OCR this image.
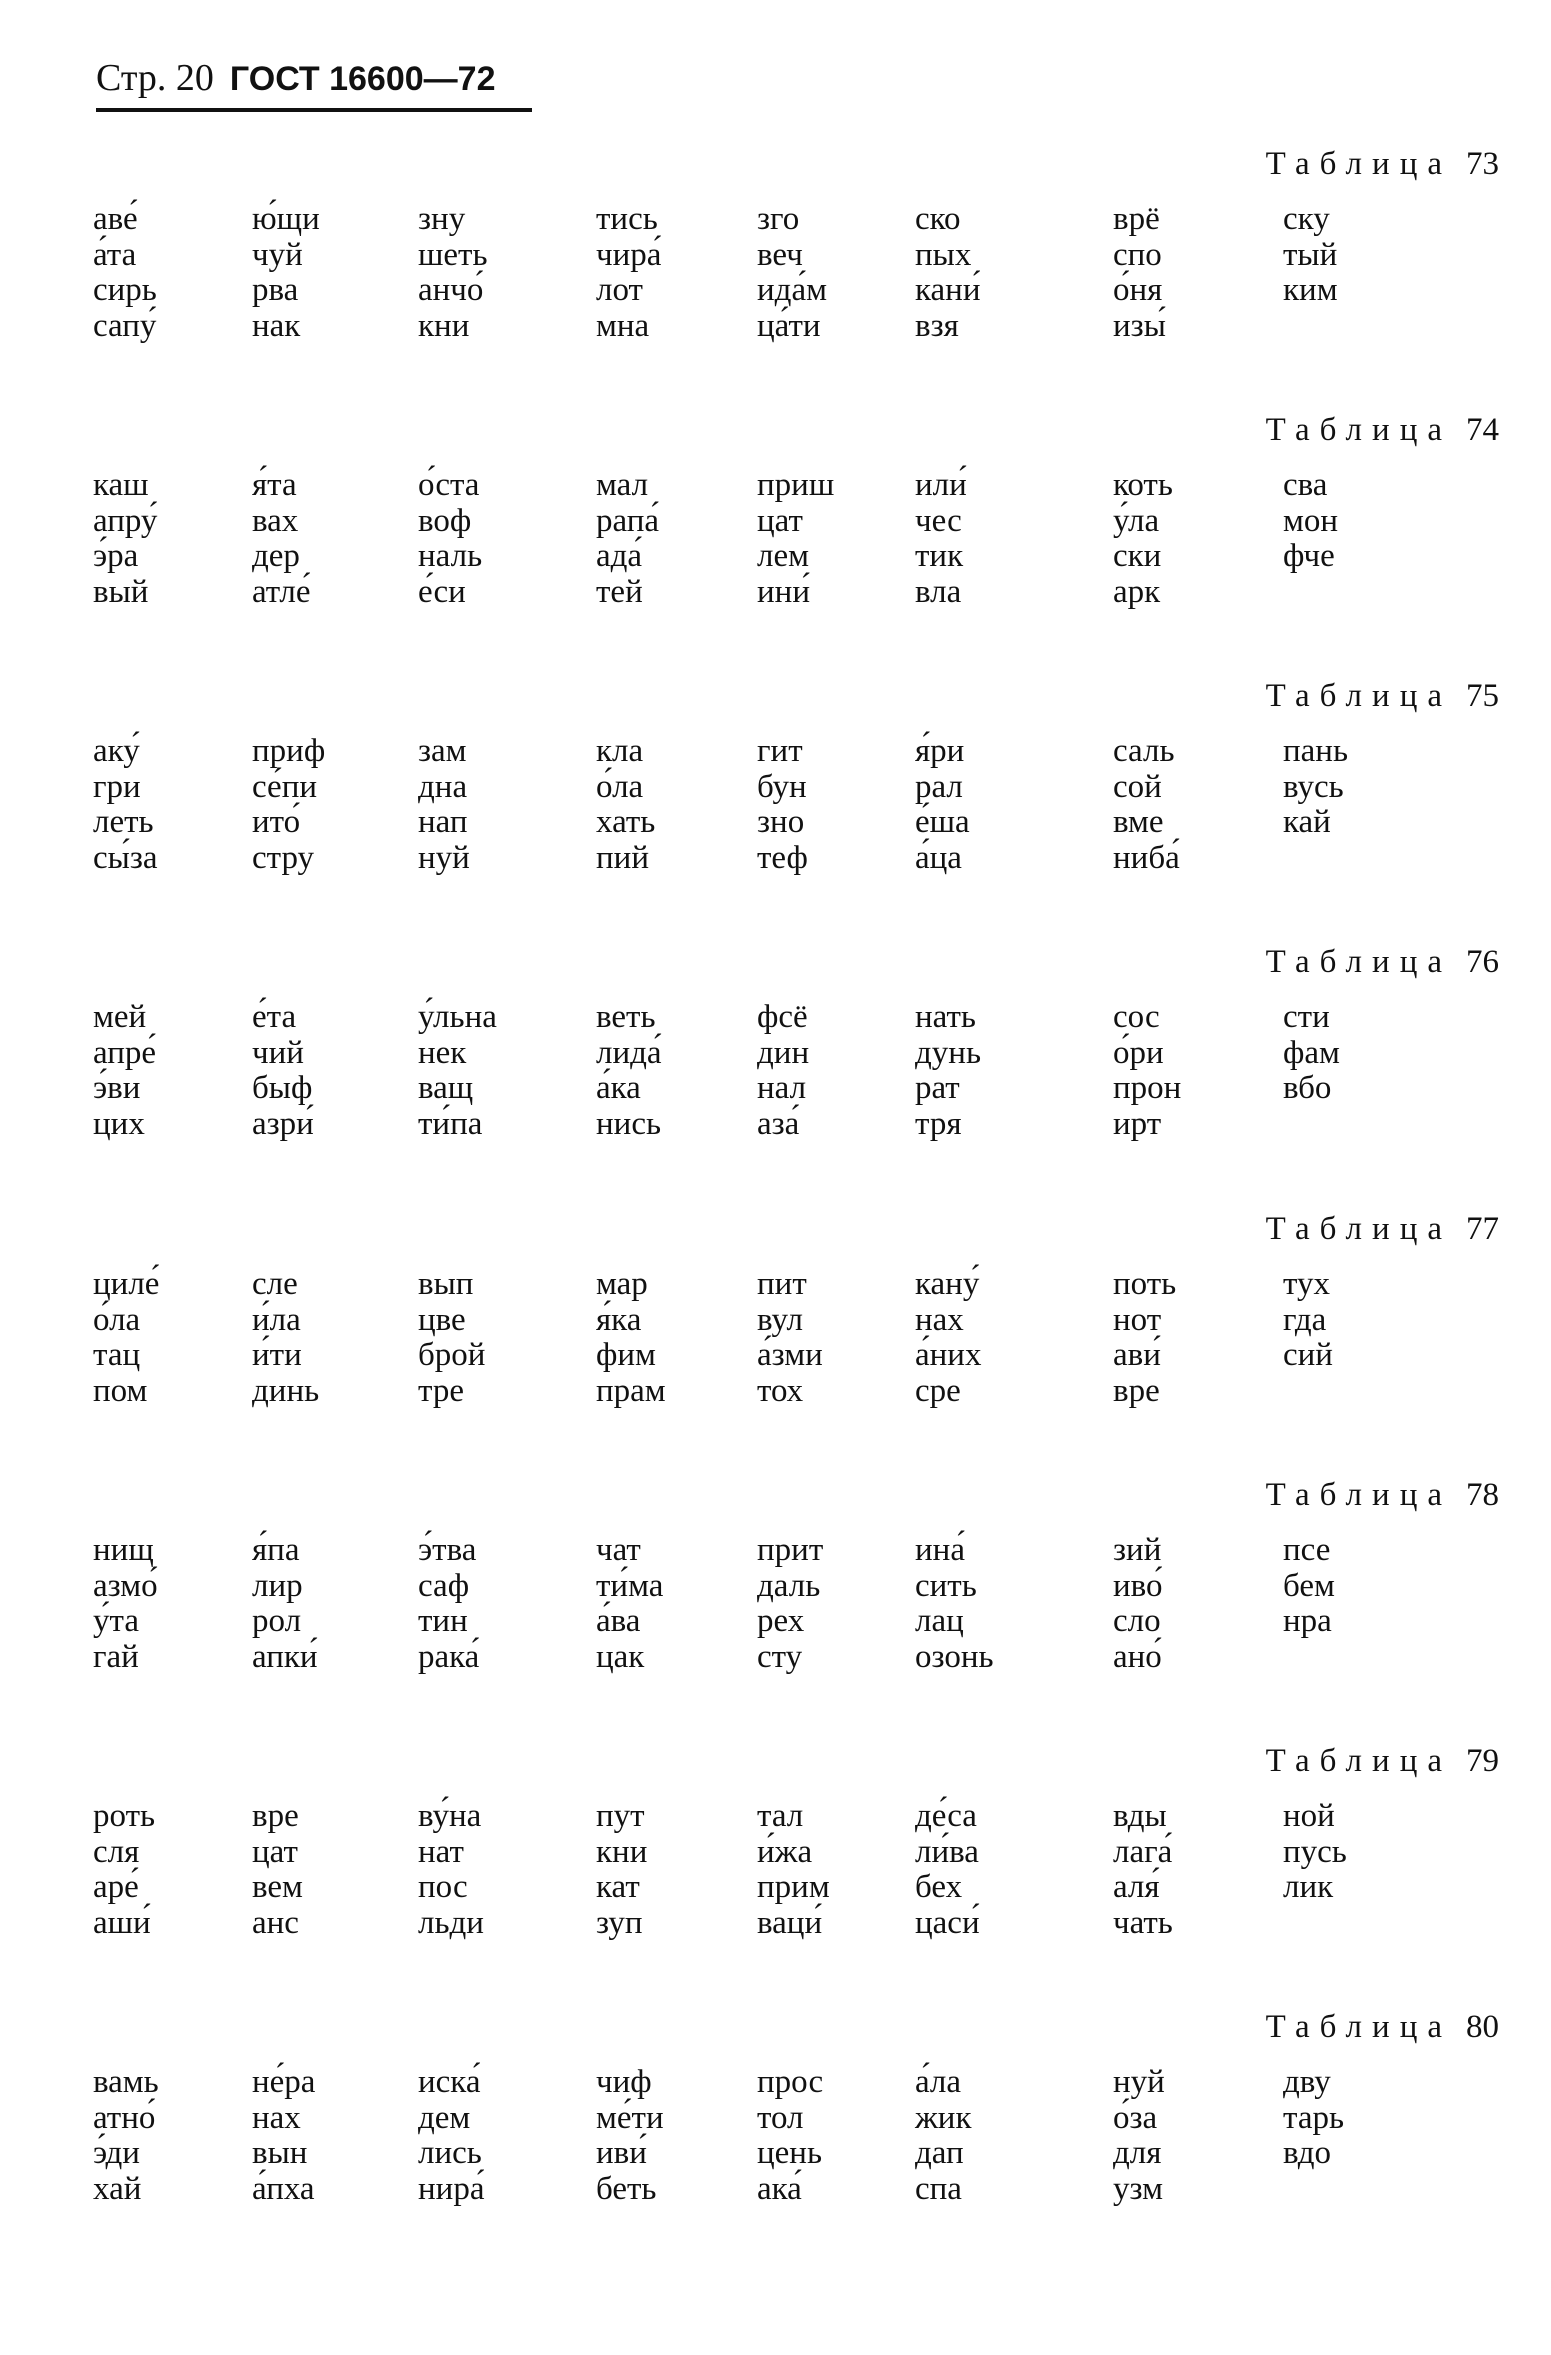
Стр. 20 ГОСТ 16600—72
Таблица 73
аве́
а́та
сирь
сапу́
ю́щи
чуй
рва
нак
зну
шеть
анчо́
кни
тись
чира́
лот
мна
зго
веч
ида́м
ца́ти
ско
пых
кани́
взя
врё
спо
о́ня
изы́
ску
тый
ким
Таблица 74
каш
апру́
э́ра
вый
я́та
вах
дер
атле́
о́ста
воф
наль
е́си
мал
рапа́
ада́
тей
приш
цат
лем
ини́
или́
чес
тик
вла
коть
у́ла
ски
арк
сва
мон
фче
Таблица 75
аку́
гри
леть
сы́за
приф
се́пи
ито́
стру
зам
дна
нап
нуй
кла
о́ла
хать
пий
гит
бун
зно
теф
я́ри
рал
е́ша
а́ца
саль
сой
вме
ниба́
пань
вусь
кай
Таблица 76
мей
апре́
э́ви
цих
е́та
чий
быф
азри́
у́льна
нек
ващ
ти́па
веть
лида́
а́ка
нись
фсё
дин
нал
аза́
нать
дунь
рат
тря
сос
о́ри
прон
ирт
сти
фам
вбо
Таблица 77
циле́
о́ла
тац
пом
сле
и́ла
и́ти
динь
вып
цве
брой
тре
мар
я́ка
фим
прам
пит
вул
а́зми
тох
кану́
нах
а́них
сре
поть
нот
ави́
вре
тух
гда
сий
Таблица 78
нищ
азмо́
у́та
гай
я́па
лир
рол
апки́
э́тва
саф
тин
рака́
чат
ти́ма
а́ва
цак
прит
даль
рех
сту
ина́
сить
лац
озонь
зий
иво́
сло
ано́
псе
бем
нра
Таблица 79
роть
сля
аре́
аши́
вре
цат
вем
анс
ву́на
нат
пос
льди
пут
кни
кат
зуп
тал
и́жа
прим
ваци́
де́са
ли́ва
бех
цаси́
вды
лага́
аля́
чать
ной
пусь
лик
Таблица 80
вамь
атно́
э́ди
хай
не́ра
нах
вын
а́пха
иска́
дем
лись
нира́
чиф
ме́ти
иви́
беть
прос
тол
цень
ака́
а́ла
жик
дап
спа
нуй
о́за
для
узм
дву
тарь
вдо
